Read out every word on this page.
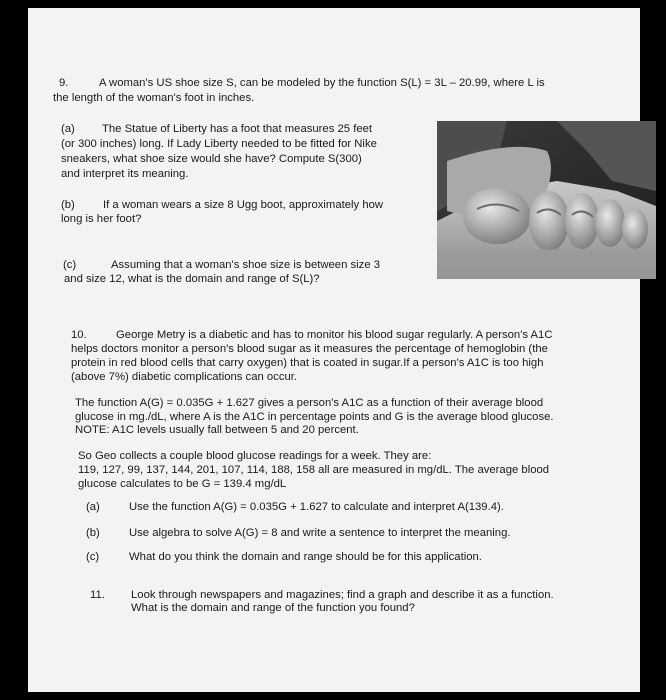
9.	A woman's US shoe size S, can be modeled by the function S(L) = 3L – 20.99, where L is
the length of the woman's foot in inches.
(a) The Statue of Liberty has a foot that measures 25 feet
(or 300 inches) long. If Lady Liberty needed to be fitted for Nike
sneakers, what shoe size would she have? Compute S(300)
and interpret its meaning.
(b) If a woman wears a size 8 Ugg boot, approximately how
long is her foot?
(c)	Assuming that a woman's shoe size is between size 3
and size 12, what is the domain and range of S(L)?
10.	George Metry is a diabetic and has to monitor his blood sugar regularly. A person's A1C
helps doctors monitor a person's blood sugar as it measures the percentage of hemoglobin (the
protein in red blood cells that carry oxygen) that is coated in sugar.If a person's A1C is too high
(above 7%) diabetic complications can occur.
The function A(G) = 0.035G + 1.627 gives a person's A1C as a function of their average blood
glucose in mg./dL, where A is the A1C in percentage points and G is the average blood glucose.
NOTE: A1C levels usually fall between 5 and 20 percent.
So Geo collects a couple blood glucose readings for a week. They are:
119, 127, 99, 137, 144, 201, 107, 114, 188, 158 all are measured in mg/dL. The average blood
glucose calculates to be G = 139.4 mg/dL
(a)	Use the function A(G) = 0.035G + 1.627 to calculate and interpret A(139.4).
(b)	Use algebra to solve A(G) = 8 and write a sentence to interpret the meaning.
(c)	What do you think the domain and range should be for this application.
11. Look through newspapers and magazines; find a graph and describe it as a function.
What is the domain and range of the function you found?
